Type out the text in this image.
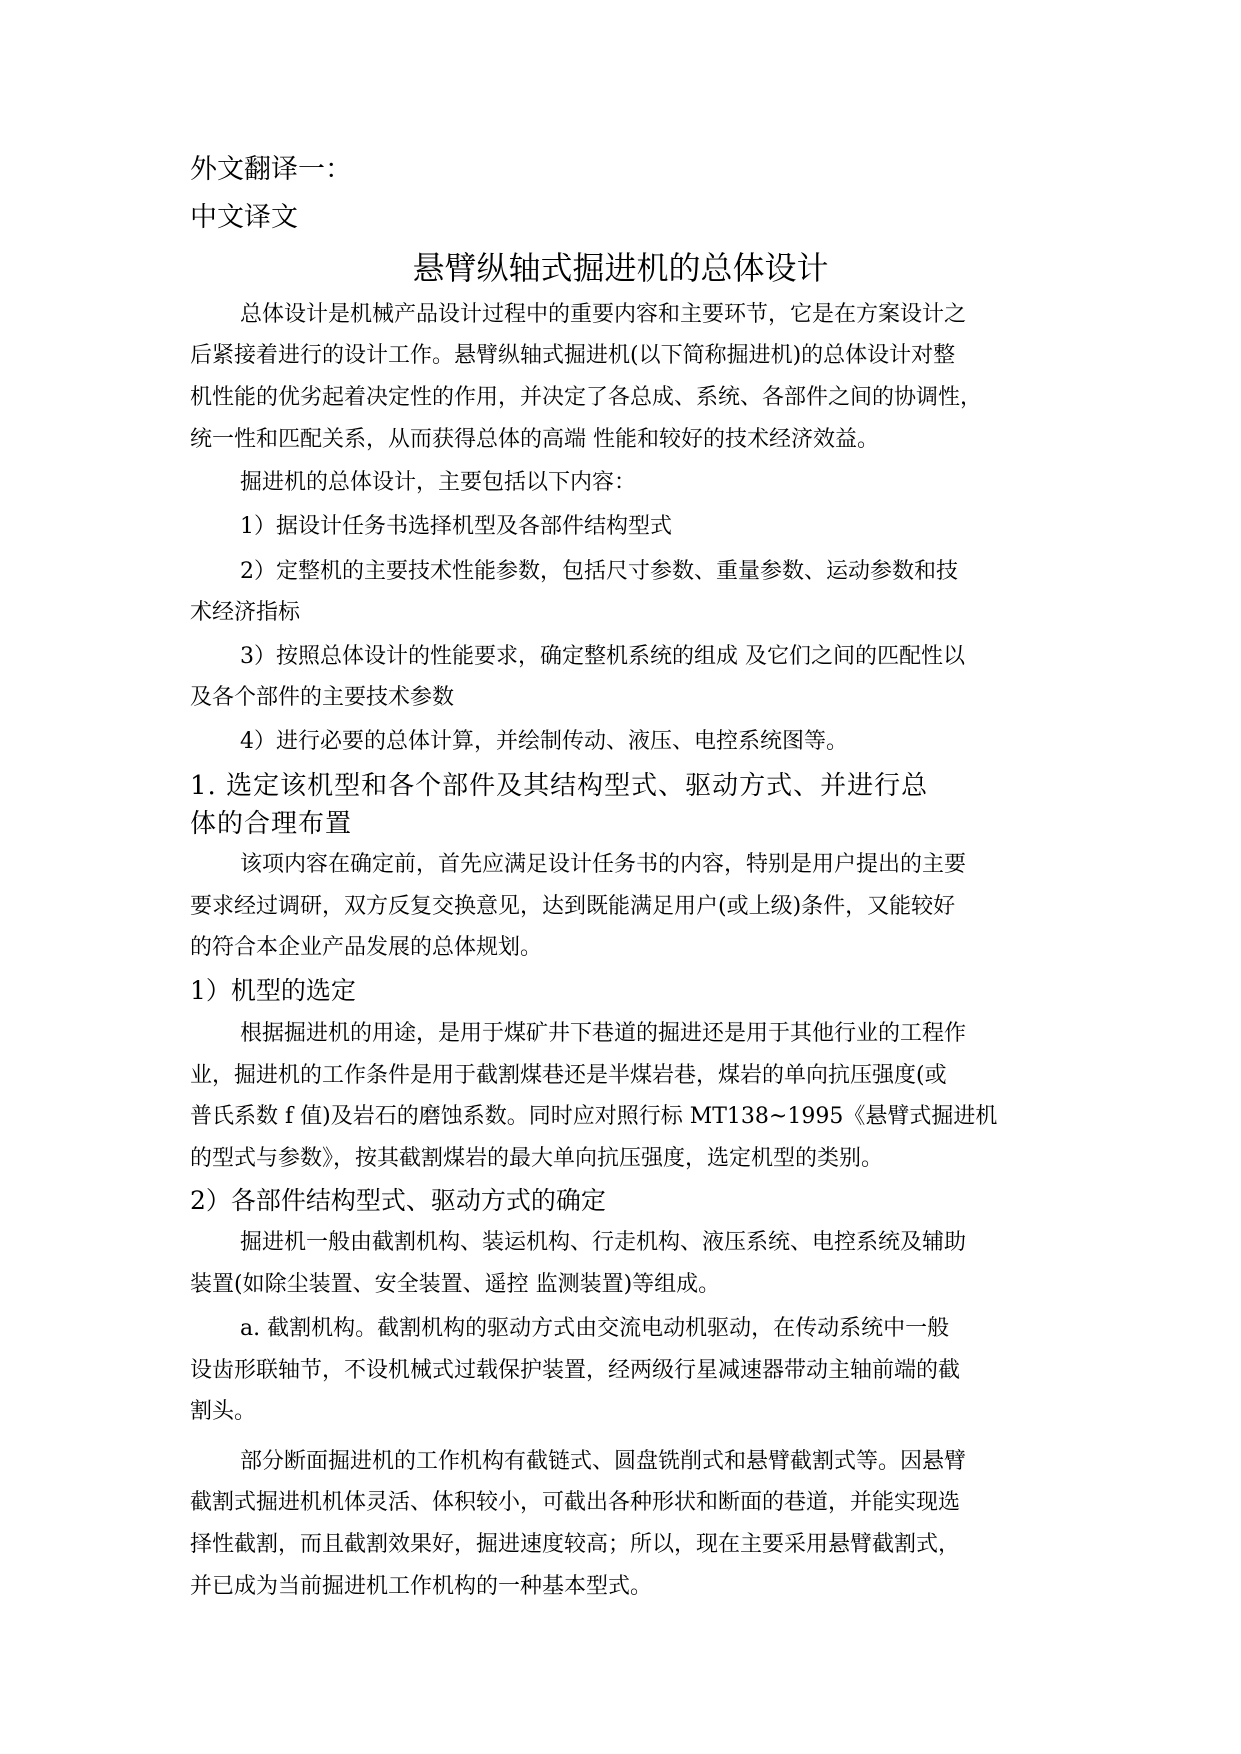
外文翻译一：
中文译文
悬臂纵轴式掘进机的总体设计
总体设计是机械产品设计过程中的重要内容和主要环节，它是在方案设计之
后紧接着进行的设计工作。悬臂纵轴式掘进机(以下简称掘进机)的总体设计对整
机性能的优劣起着决定性的作用，并决定了各总成、系统、各部件之间的协调性，
统一性和匹配关系，从而获得总体的高端 性能和较好的技术经济效益。
掘进机的总体设计，主要包括以下内容：
1）据设计任务书选择机型及各部件结构型式
2）定整机的主要技术性能参数，包括尺寸参数、重量参数、运动参数和技
术经济指标
3）按照总体设计的性能要求，确定整机系统的组成 及它们之间的匹配性以
及各个部件的主要技术参数
4）进行必要的总体计算，并绘制传动、液压、电控系统图等。
1. 选定该机型和各个部件及其结构型式、驱动方式、并进行总
体的合理布置
该项内容在确定前，首先应满足设计任务书的内容，特别是用户提出的主要
要求经过调研，双方反复交换意见，达到既能满足用户(或上级)条件，又能较好
的符合本企业产品发展的总体规划。
1）机型的选定
根据掘进机的用途，是用于煤矿井下巷道的掘进还是用于其他行业的工程作
业，掘进机的工作条件是用于截割煤巷还是半煤岩巷，煤岩的单向抗压强度(或
普氏系数 f 值)及岩石的磨蚀系数。同时应对照行标 MT138~1995《悬臂式掘进机
的型式与参数》，按其截割煤岩的最大单向抗压强度，选定机型的类别。
2）各部件结构型式、驱动方式的确定
掘进机一般由截割机构、装运机构、行走机构、液压系统、电控系统及辅助
装置(如除尘装置、安全装置、遥控 监测装置)等组成。
a. 截割机构。截割机构的驱动方式由交流电动机驱动，在传动系统中一般
设齿形联轴节，不设机械式过载保护装置，经两级行星减速器带动主轴前端的截
割头。
部分断面掘进机的工作机构有截链式、圆盘铣削式和悬臂截割式等。因悬臂
截割式掘进机机体灵活、体积较小，可截出各种形状和断面的巷道，并能实现选
择性截割，而且截割效果好，掘进速度较高；所以，现在主要采用悬臂截割式，
并已成为当前掘进机工作机构的一种基本型式。
